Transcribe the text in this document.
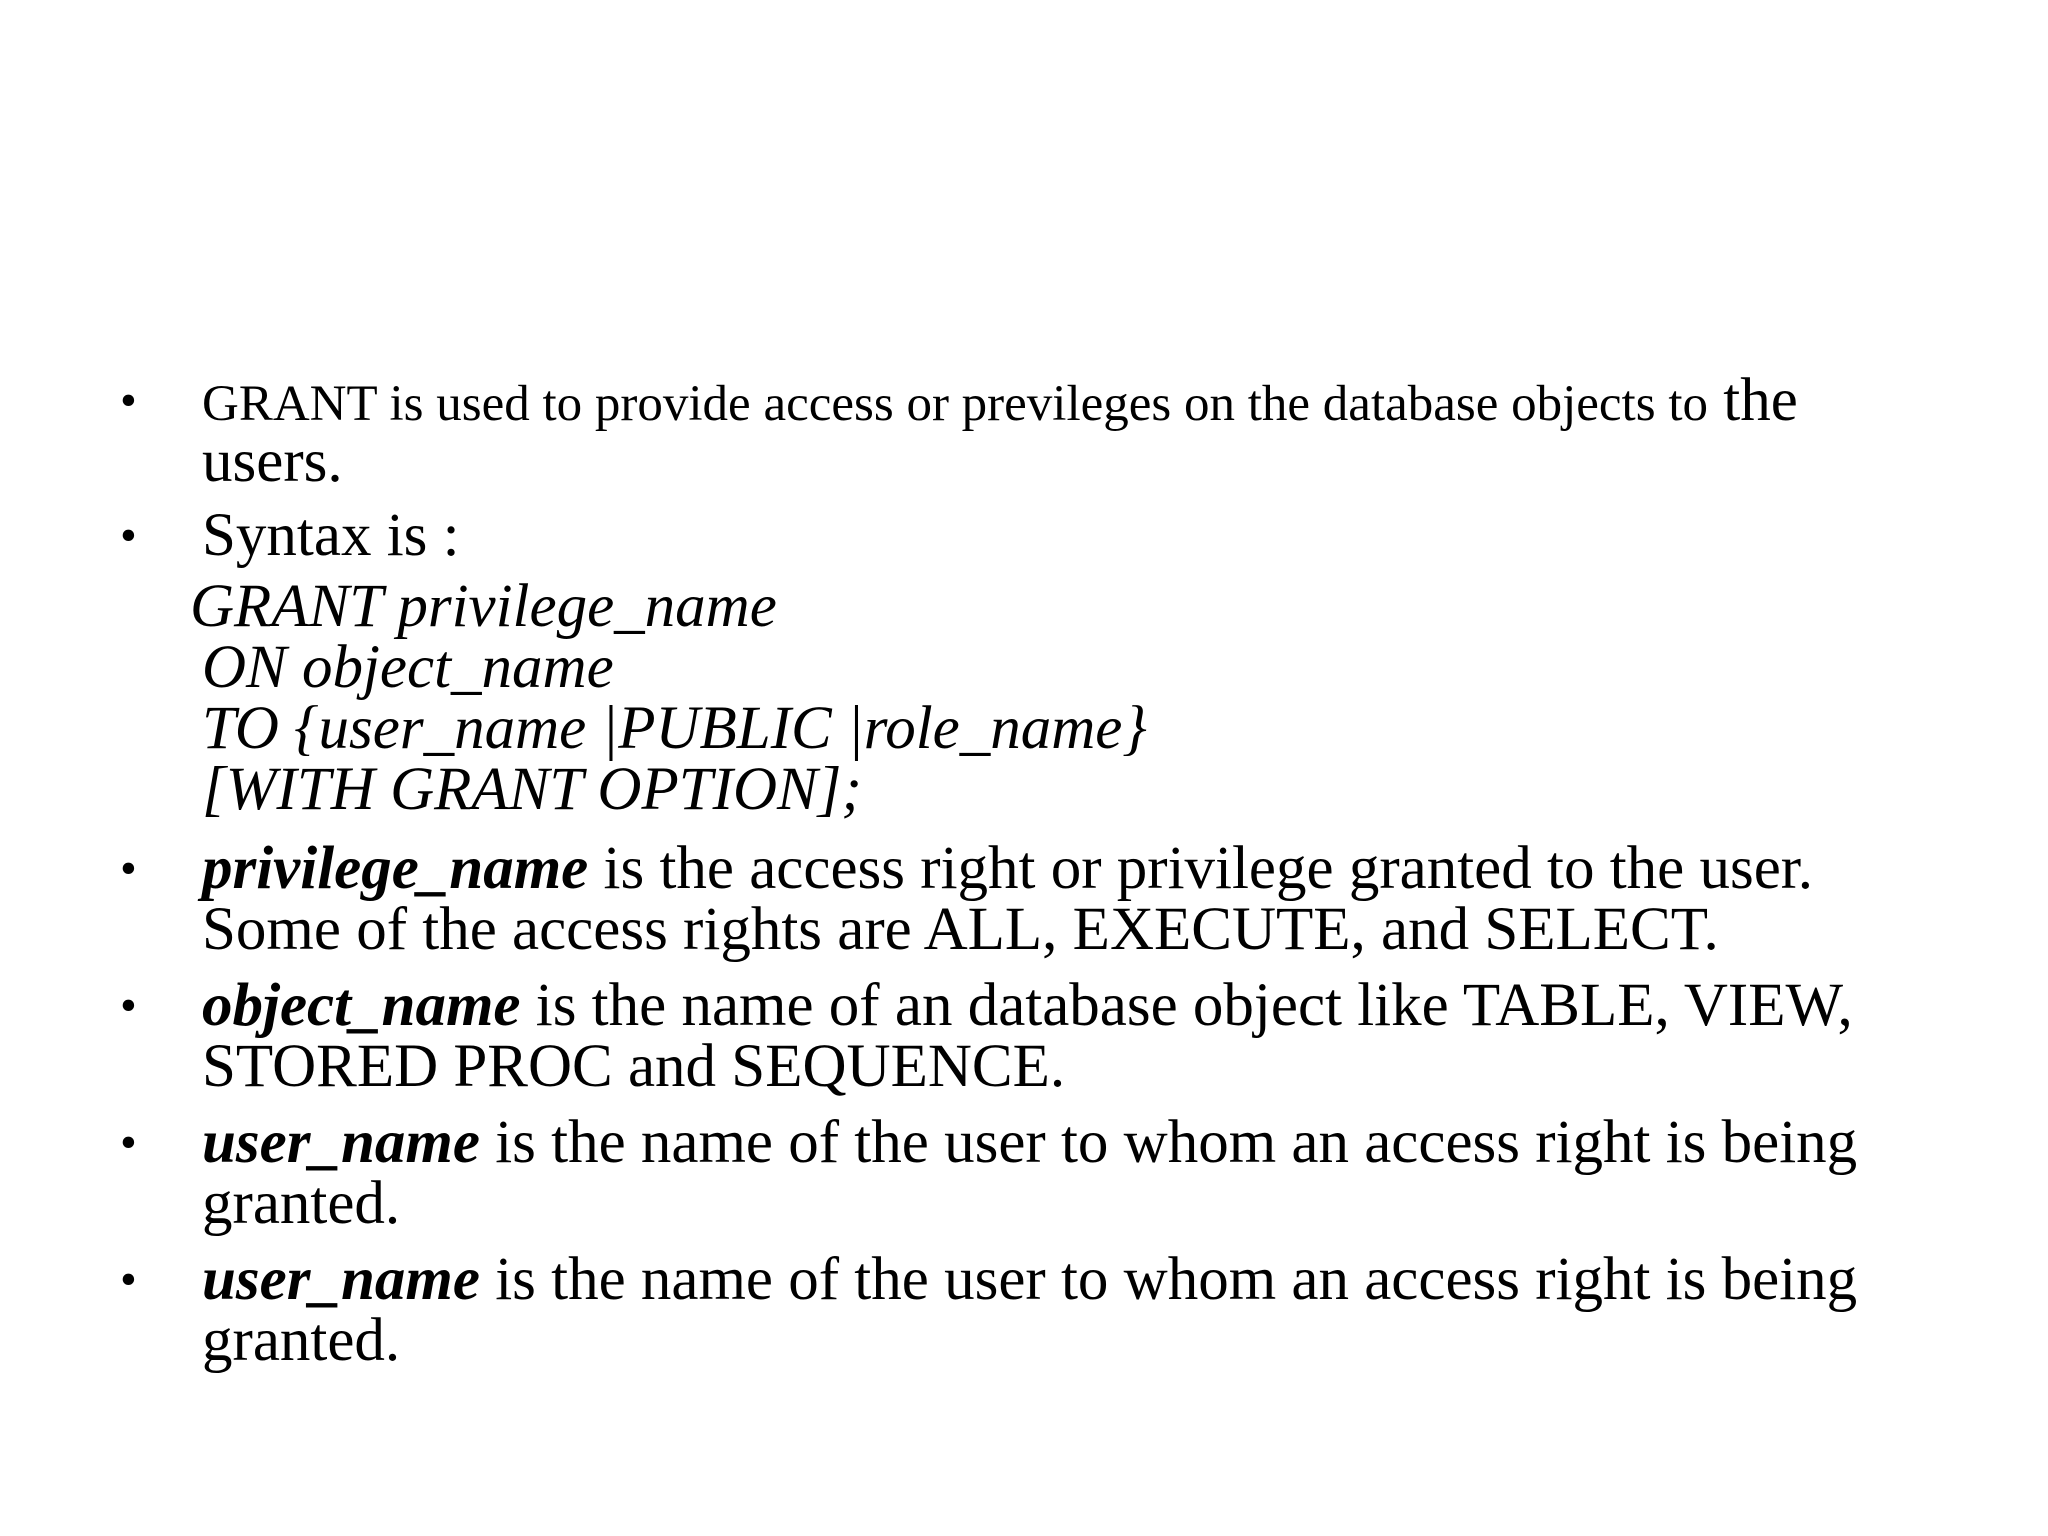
• GRANT is used to provide access or previleges on the database objects to the
users.
• Syntax is :
GRANT privilege_name
ON object_name
TO {user_name |PUBLIC |role_name}
[WITH GRANT OPTION];
• privilege_name is the access right or privilege granted to the user.
Some of the access rights are ALL, EXECUTE, and SELECT.
• object_name is the name of an database object like TABLE, VIEW,
STORED PROC and SEQUENCE.
• user_name is the name of the user to whom an access right is being
granted.
• user_name is the name of the user to whom an access right is being
granted.
